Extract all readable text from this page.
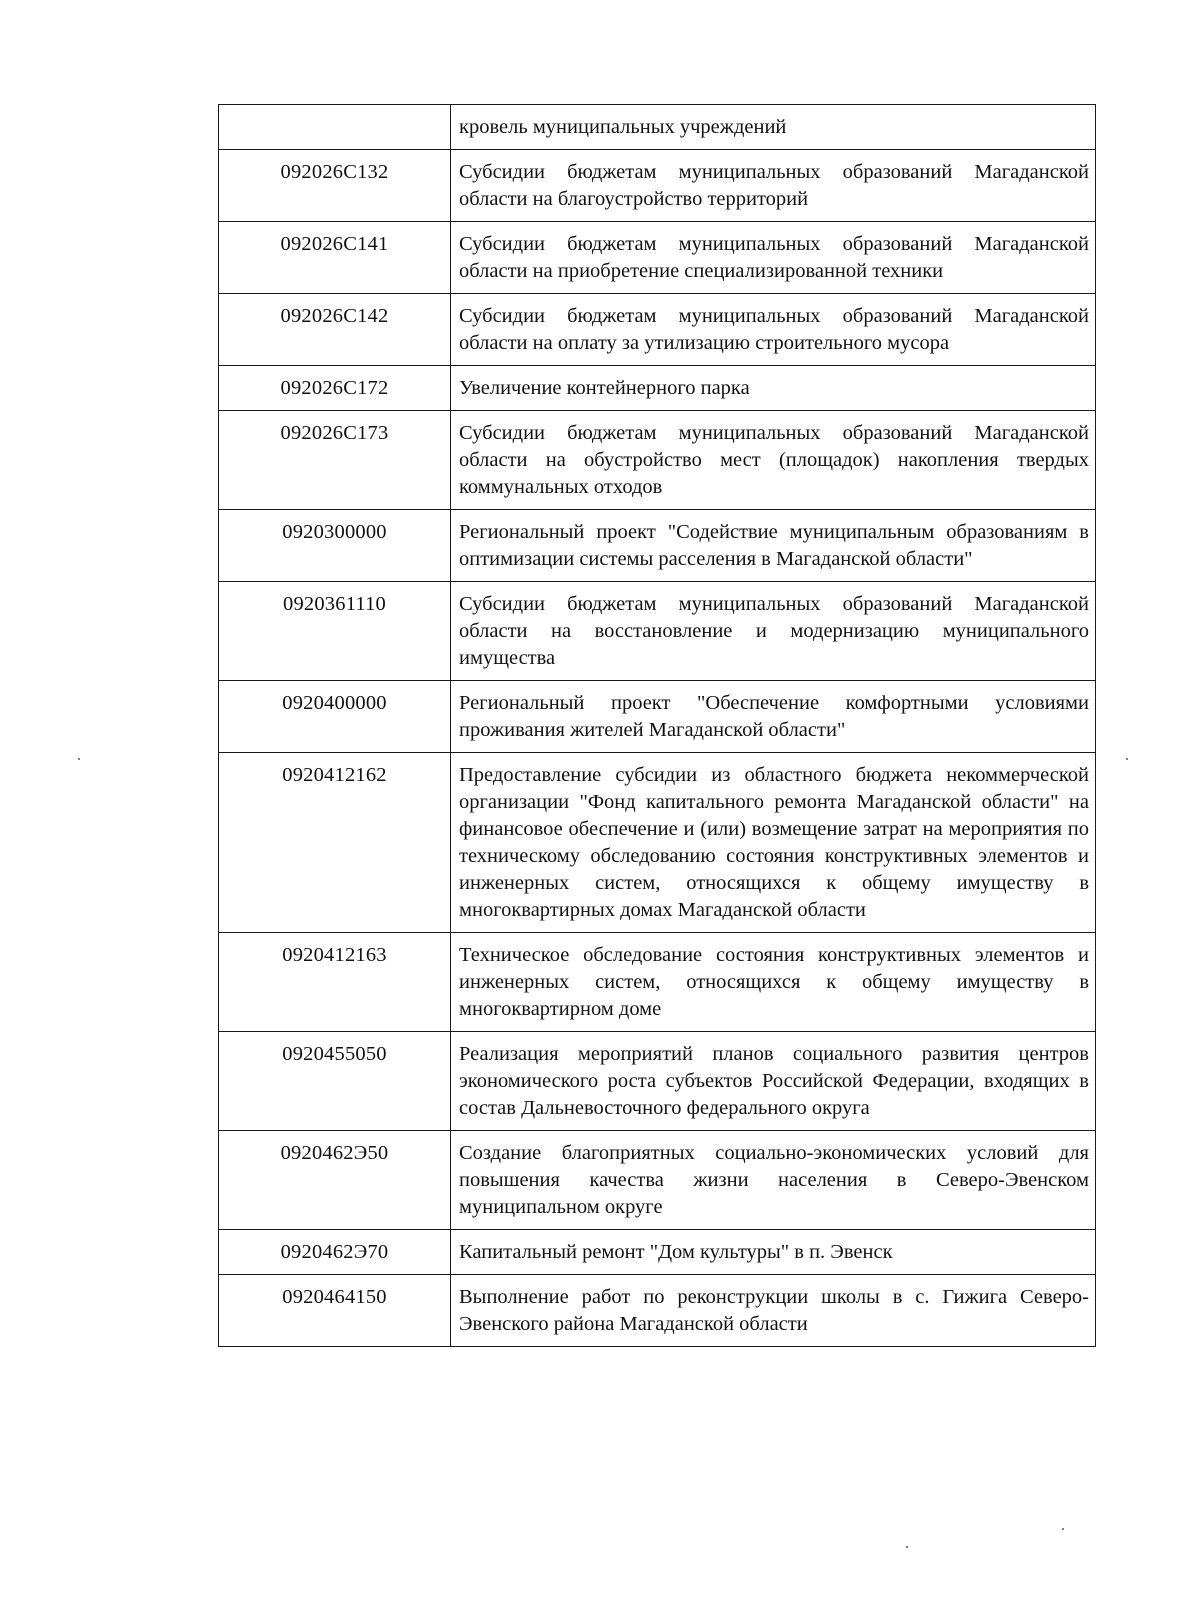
	кровель муниципальных учреждений
092026С132	Субсидии бюджетам муниципальных образований Магаданской области на благоустройство территорий
092026С141	Субсидии бюджетам муниципальных образований Магаданской области на приобретение специализированной техники
092026С142	Субсидии бюджетам муниципальных образований Магаданской области на оплату за утилизацию строительного мусора
092026С172	Увеличение контейнерного парка
092026С173	Субсидии бюджетам муниципальных образований Магаданской области на обустройство мест (площадок) накопления твердых коммунальных отходов
0920300000	Региональный проект "Содействие муниципальным образованиям в оптимизации системы расселения в Магаданской области"
0920361110	Субсидии бюджетам муниципальных образований Магаданской области на восстановление и модернизацию муниципального имущества
0920400000	Региональный проект "Обеспечение комфортными условиями проживания жителей Магаданской области"
0920412162	Предоставление субсидии из областного бюджета некоммерческой организации "Фонд капитального ремонта Магаданской области" на финансовое обеспечение и (или) возмещение затрат на мероприятия по техническому обследованию состояния конструктивных элементов и инженерных систем, относящихся к общему имуществу в многоквартирных домах Магаданской области
0920412163	Техническое обследование состояния конструктивных элементов и инженерных систем, относящихся к общему имуществу в многоквартирном доме
0920455050	Реализация мероприятий планов социального развития центров экономического роста субъектов Российской Федерации, входящих в состав Дальневосточного федерального округа
0920462Э50	Создание благоприятных социально-экономических условий для повышения качества жизни населения в Северо-Эвенском муниципальном округе
0920462Э70	Капитальный ремонт "Дом культуры" в п. Эвенск
0920464150	Выполнение работ по реконструкции школы в с. Гижига Северо-Эвенского района Магаданской области
